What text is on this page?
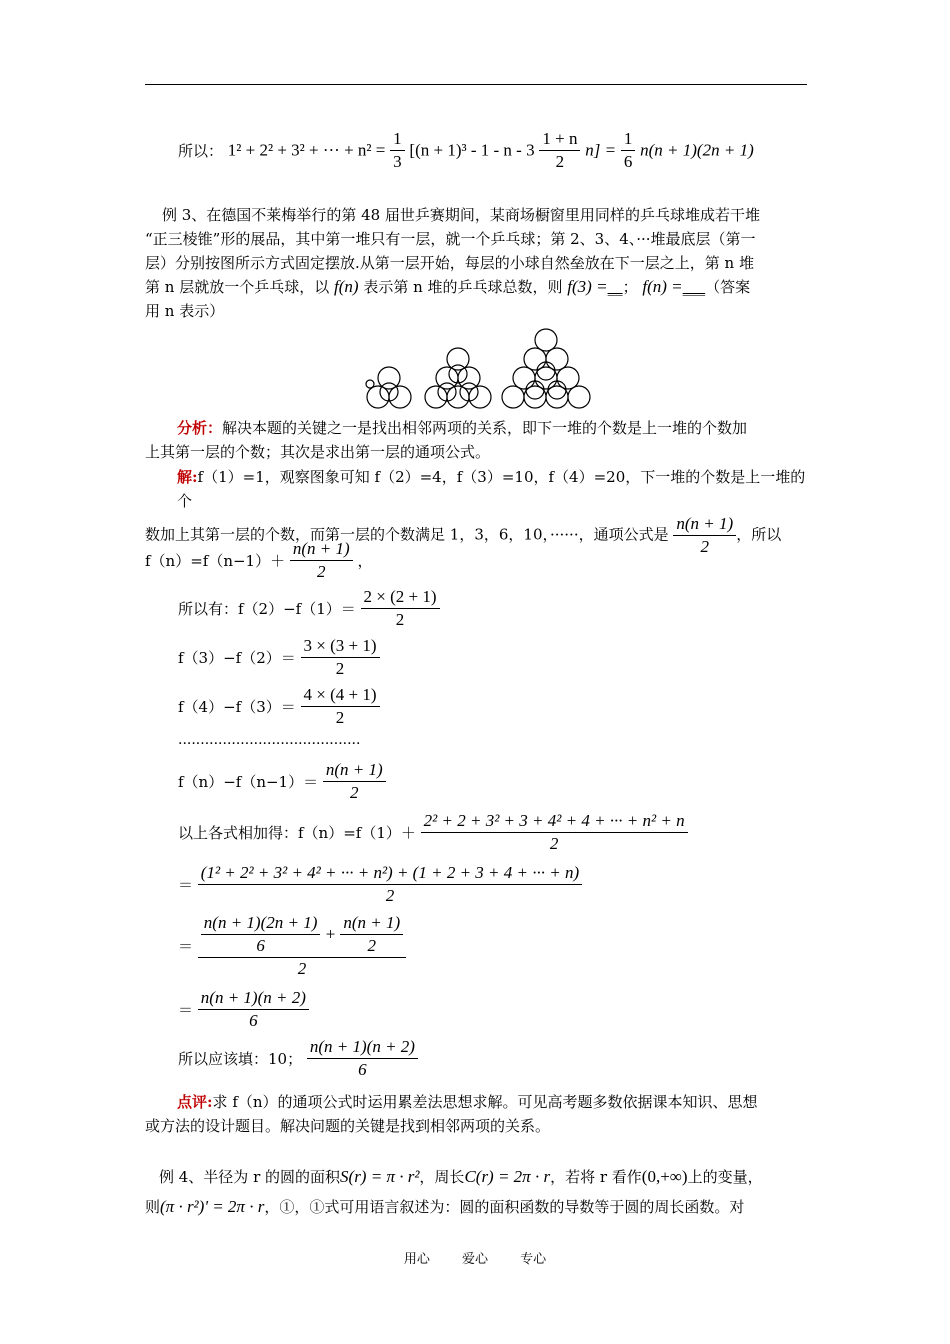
所以： 1² + 2² + 3² + ··· + $n^2 = \frac{1}{3} [(n + 1)^3 - 1 - n - 3 \frac{1 + n}{2} n] = \frac{1}{6} n(n + 1)(2n + 1)$
例 3、在德国不莱梅举行的第 48 届世乒赛期间，某商场橱窗里用同样的乒乓球堆成若干堆
“正三棱锥”形的展品，其中第一堆只有一层，就一个乒乓球；第 2、3、4、···堆最底层（第一
层）分别按图所示方式固定摆放.从第一层开始，每层的小球自然垒放在下一层之上，第 n 堆
第 n 层就放一个乒乓球，以 f(n) 表示第 n 堆的乒乓球总数，则 f(3) =__； f(n) =___（答案
用 n 表示）
分析：解决本题的关键之一是找出相邻两项的关系，即下一堆的个数是上一堆的个数加
上其第一层的个数；其次是求出第一层的通项公式。
解:f（1）=1，观察图象可知 f（2）=4，f（3）=10，f（4）=20，下一堆的个数是上一堆的个
数加上其第一层的个数，而第一层的个数满足 1，3，6，10，······，通项公式是 $\frac{n(n + 1)}{2}$ ，所以
$f(n)=f(n-1)+ \frac{n(n + 1)}{2}$ ，
所以有：$f(2)-f(1)= \frac{2 \times (2 + 1)}{2}$
$f(3)-f(2)= \frac{3 \times (3 + 1)}{2}$
$f(4)-f(3)= \frac{4 \times (4 + 1)}{2}$
·········································
$f(n)-f(n-1)= \frac{n(n + 1)}{2}$
以上各式相加得：$f(n)=f(1)+ \frac{\text{2² + 2 + 3² + 3 + 4² + 4 + ··· + n² + n}}{2}$
＝ $\frac{\text{(1² + 2² + 3² + 4² + ··· + n²) + (1 + 2 + 3 + 4 + ··· + n)}}{2}$
＝ $\frac{\frac{n(n + 1)(2n + 1)}{6} + \frac{n(n + 1)}{2}}{2}$
＝ $\frac{n(n + 1)(n + 2)}{6}$
所以应该填：10； $\frac{n(n + 1)(n + 2)}{6}$
点评:求 f（n）的通项公式时运用累差法思想求解。可见高考题多数依据课本知识、思想
或方法的设计题目。解决问题的关键是找到相邻两项的关系。
例 4、半径为 r 的圆的面积S(r) = π · r²，周长C(r) = 2π · r，若将 r 看作(0,+∞)上的变量，
则(π · r²)' = 2π · r，①，①式可用语言叙述为：圆的面积函数的导数等于圆的周长函数。对
用心 爱心 专心
